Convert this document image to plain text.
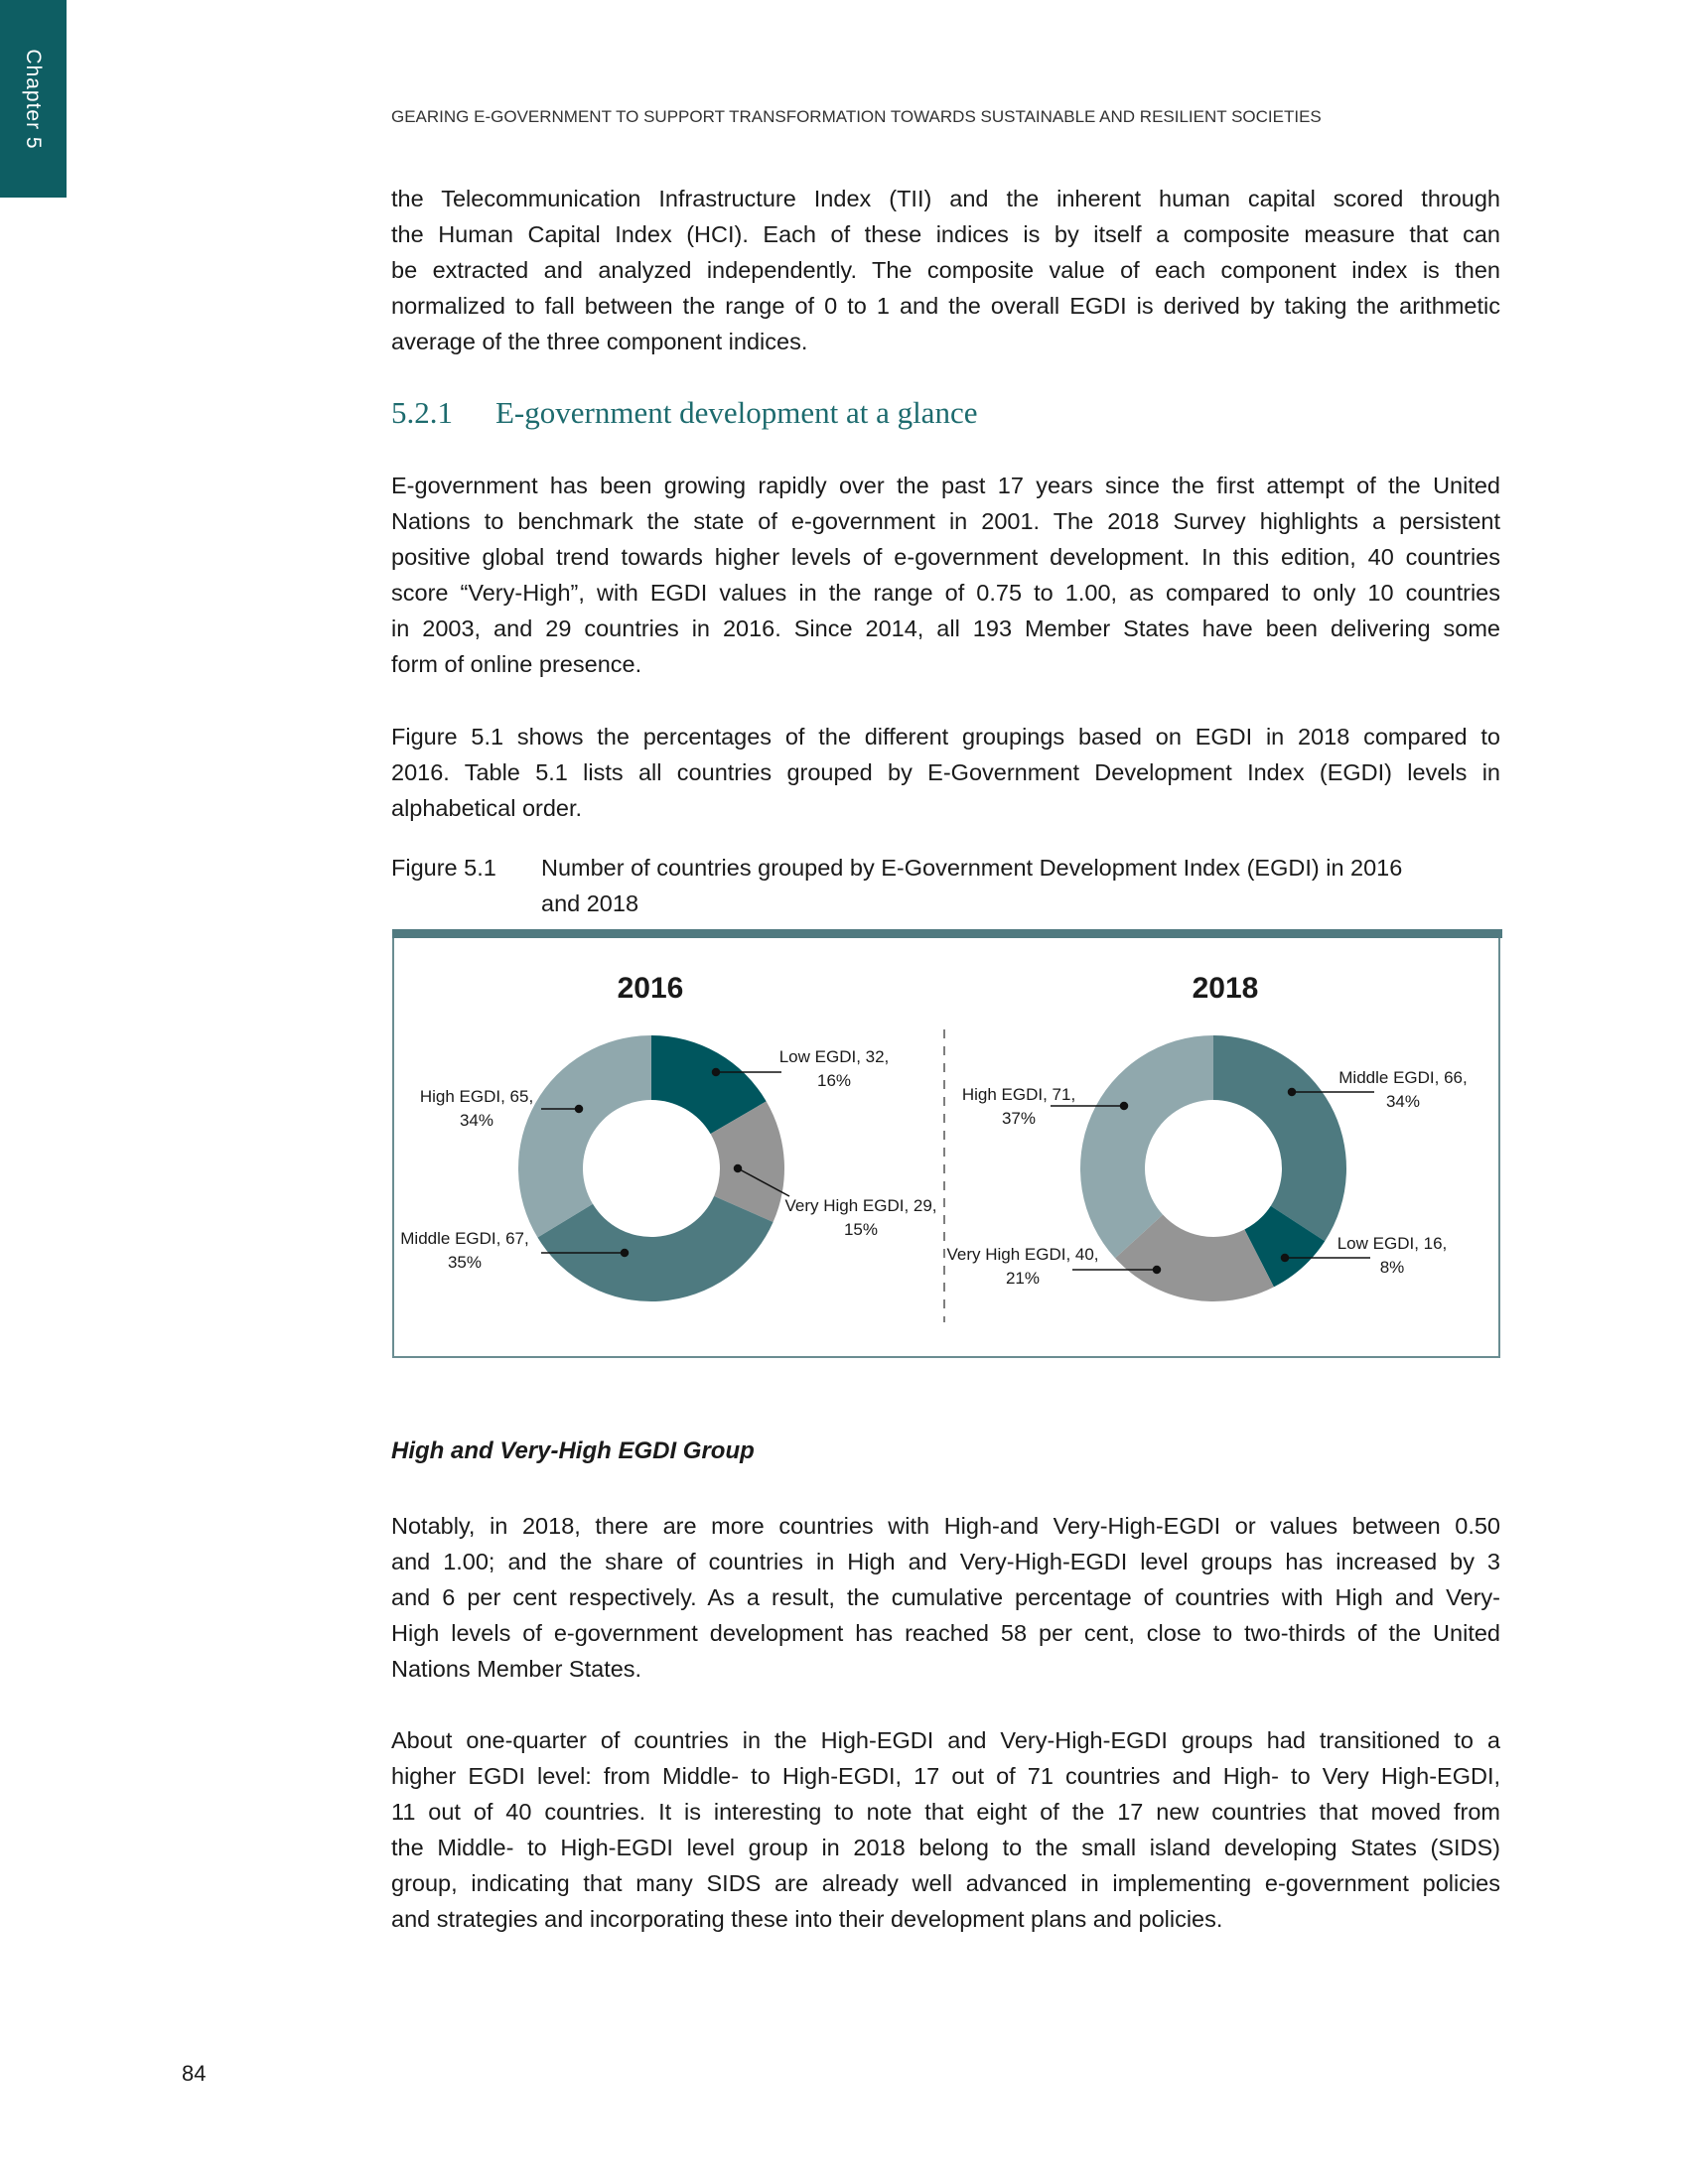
Chapter 5	GEARING E-GOVERNMENT TO SUPPORT TRANSFORMATION TOWARDS SUSTAINABLE AND RESILIENT SOCIETIES
the Telecommunication Infrastructure Index (TII) and the inherent human capital scored through
the Human Capital Index (HCI). Each of these indices is by itself a composite measure that can
be extracted and analyzed independently. The composite value of each component index is then
normalized to fall between the range of 0 to 1 and the overall EGDI is derived by taking the arithmetic
average of the three component indices.
5.2.1 E-government development at a glance
E-government has been growing rapidly over the past 17 years since the first attempt of the United
Nations to benchmark the state of e-government in 2001. The 2018 Survey highlights a persistent
positive global trend towards higher levels of e-government development. In this edition, 40 countries
score “Very-High”, with EGDI values in the range of 0.75 to 1.00, as compared to only 10 countries
in 2003, and 29 countries in 2016. Since 2014, all 193 Member States have been delivering some
form of online presence.
Figure 5.1 shows the percentages of the different groupings based on EGDI in 2018 compared to
2016. Table 5.1 lists all countries grouped by E-Government Development Index (EGDI) levels in
alphabetical order.
Figure 5.1 Number of countries grouped by E-Government Development Index (EGDI) in 2016
and 2018
2016	2018
Low EGDI, 32,
16%
Very High EGDI, 29,
15%
Middle EGDI, 67,
35%
High EGDI, 65,
34%
Middle EGDI, 66,
34%
Low EGDI, 16,
8%
Very High EGDI, 40,
21%
High EGDI, 71,
37%
High and Very-High EGDI Group
Notably, in 2018, there are more countries with High-and Very-High-EGDI or values between 0.50
and 1.00; and the share of countries in High and Very-High-EGDI level groups has increased by 3
and 6 per cent respectively. As a result, the cumulative percentage of countries with High and Very-
High levels of e-government development has reached 58 per cent, close to two-thirds of the United
Nations Member States.
About one-quarter of countries in the High-EGDI and Very-High-EGDI groups had transitioned to a
higher EGDI level: from Middle- to High-EGDI, 17 out of 71 countries and High- to Very High-EGDI,
11 out of 40 countries. It is interesting to note that eight of the 17 new countries that moved from
the Middle- to High-EGDI level group in 2018 belong to the small island developing States (SIDS)
group, indicating that many SIDS are already well advanced in implementing e-government policies
and strategies and incorporating these into their development plans and policies.
84
